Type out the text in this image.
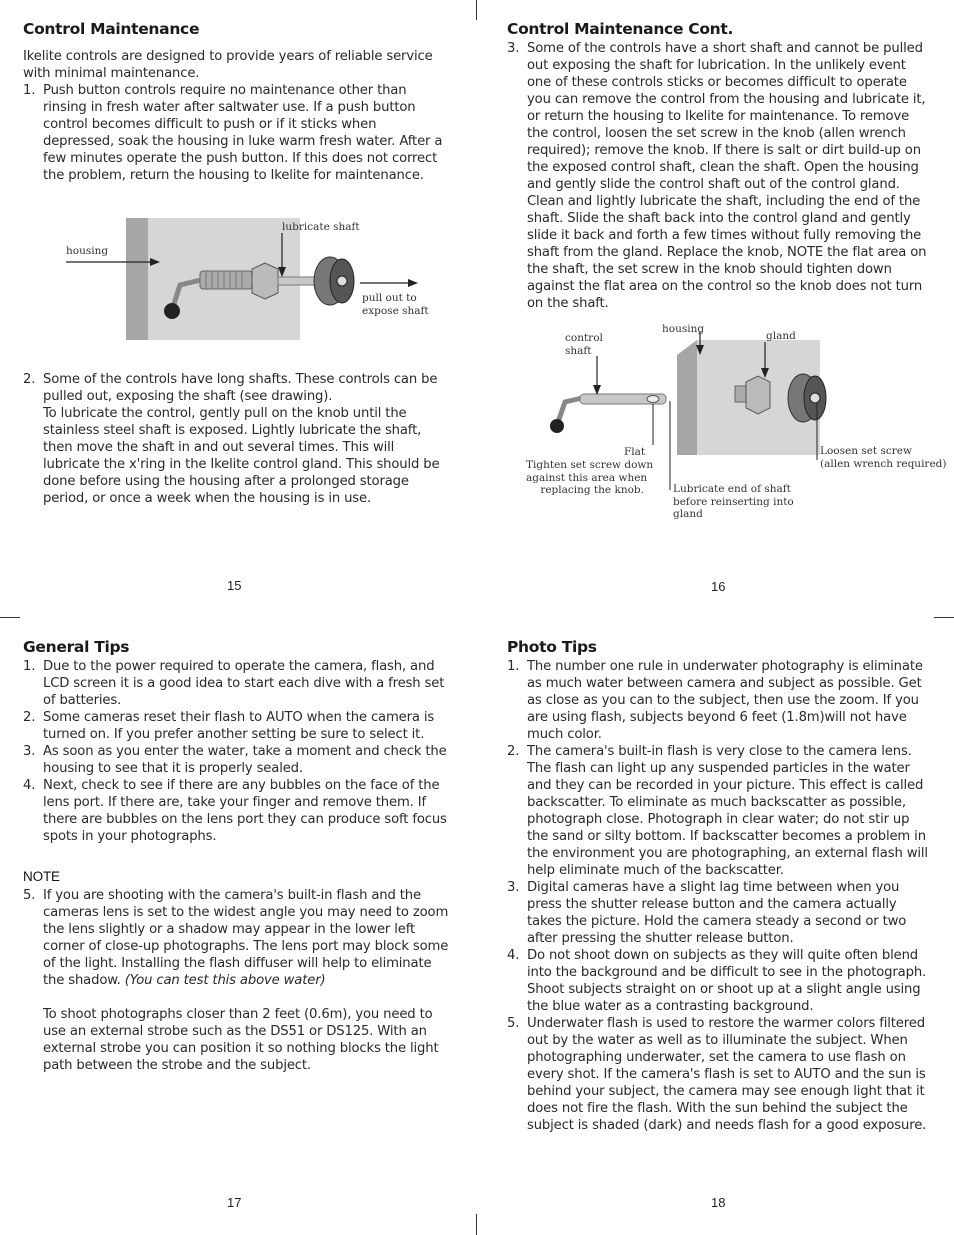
Control Maintenance

Ikelite controls are designed to provide years of reliable service with minimal maintenance.

1. Push button controls require no maintenance other than rinsing in fresh water after saltwater use. If a push button control becomes difficult to push or if it sticks when depressed, soak the housing in luke warm fresh water. After a few minutes operate the push button. If this does not correct the problem, return the housing to Ikelite for maintenance.
housing
lubricate shaft
pull out to
expose shaft
2. Some of the controls have long shafts. These controls can be pulled out, exposing the shaft (see drawing).
To lubricate the control, gently pull on the knob until the stainless steel shaft is exposed. Lightly lubricate the shaft, then move the shaft in and out several times. This will lubricate the x'ring in the Ikelite control gland. This should be done before using the housing after a prolonged storage period, or once a week when the housing is in use.
15
Control Maintenance Cont.
3. Some of the controls have a short shaft and cannot be pulled out exposing the shaft for lubrication. In the unlikely event one of these controls sticks or becomes difficult to operate you can remove the control from the housing and lubricate it, or return the housing to Ikelite for maintenance. To remove the control, loosen the set screw in the knob (allen wrench required); remove the knob. If there is salt or dirt build-up on the exposed control shaft, clean the shaft. Open the housing and gently slide the control shaft out of the control gland. Clean and lightly lubricate the shaft, including the end of the shaft. Slide the shaft back into the control gland and gently slide it back and forth a few times without fully removing the shaft from the gland. Replace the knob, NOTE the flat area on the shaft, the set screw in the knob should tighten down against the flat area on the control so the knob does not turn on the shaft.
control
shaft
housing
gland
Flat
Tighten set screw down
against this area when
replacing the knob.	Lubricate end of shaft
before reinserting into
gland
Loosen set screw
(allen wrench required)
16
General Tips
1. Due to the power required to operate the camera, flash, and LCD screen it is a good idea to start each dive with a fresh set of batteries.
2. Some cameras reset their flash to AUTO when the camera is turned on. If you prefer another setting be sure to select it.
3. As soon as you enter the water, take a moment and check the housing to see that it is properly sealed.
4. Next, check to see if there are any bubbles on the face of the lens port. If there are, take your finger and remove them. If there are bubbles on the lens port they can produce soft focus spots in your photographs.
NOTE
5. If you are shooting with the camera's built-in flash and the cameras lens is set to the widest angle you may need to zoom the lens slightly or a shadow may appear in the lower left corner of close-up photographs. The lens port may block some of the light. Installing the flash diffuser will help to eliminate the shadow. (You can test this above water)
To shoot photographs closer than 2 feet (0.6m), you need to use an external strobe such as the DS51 or DS125. With an external strobe you can position it so nothing blocks the light path between the strobe and the subject.
17
Photo Tips
1. The number one rule in underwater photography is eliminate as much water between camera and subject as possible. Get as close as you can to the subject, then use the zoom. If you are using flash, subjects beyond 6 feet (1.8m)will not have much color.
2. The camera's built-in flash is very close to the camera lens. The flash can light up any suspended particles in the water and they can be recorded in your picture. This effect is called backscatter. To eliminate as much backscatter as possible, photograph close. Photograph in clear water; do not stir up the sand or silty bottom. If backscatter becomes a problem in the environment you are photographing, an external flash will help eliminate much of the backscatter.
3. Digital cameras have a slight lag time between when you press the shutter release button and the camera actually takes the picture. Hold the camera steady a second or two after pressing the shutter release button.
4. Do not shoot down on subjects as they will quite often blend into the background and be difficult to see in the photograph. Shoot subjects straight on or shoot up at a slight angle using the blue water as a contrasting background.
5. Underwater flash is used to restore the warmer colors filtered out by the water as well as to illuminate the subject. When photographing underwater, set the camera to use flash on every shot. If the camera's flash is set to AUTO and the sun is behind your subject, the camera may see enough light that it does not fire the flash. With the sun behind the subject the subject is shaded (dark) and needs flash for a good exposure.
18
